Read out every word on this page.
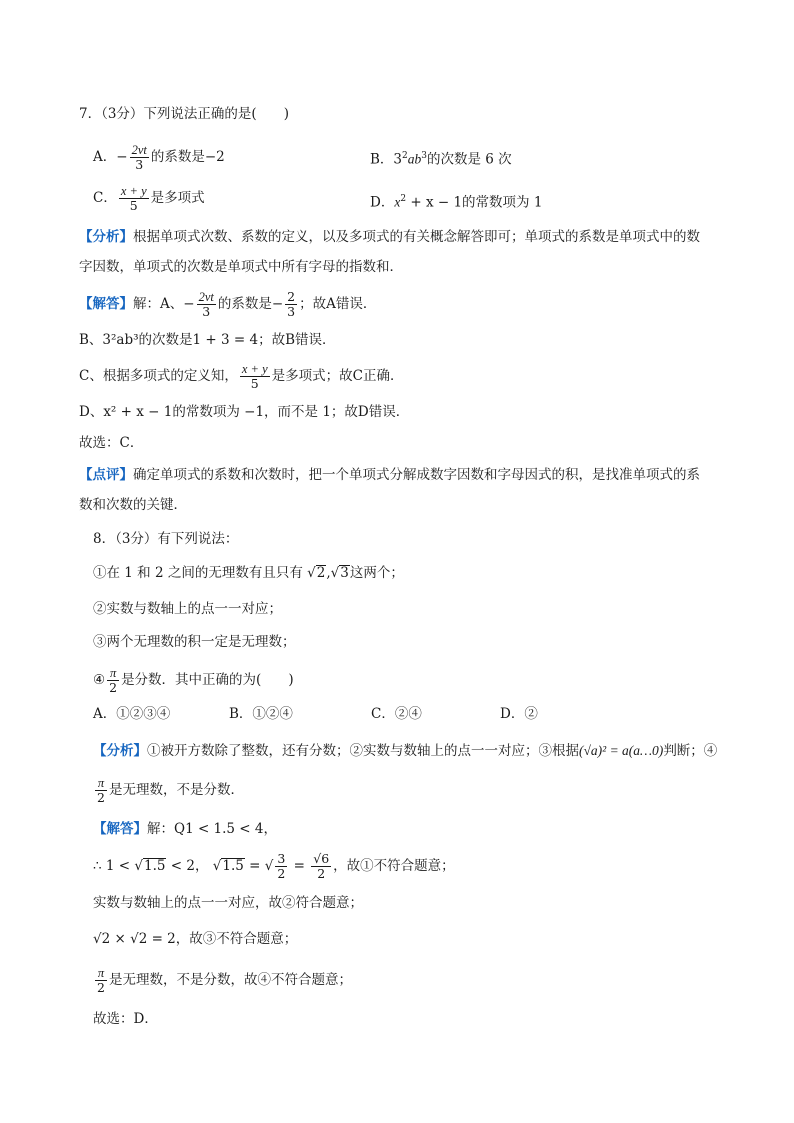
7．（3分）下列说法正确的是(　　)
A．− $\frac{2vt}{3}$ 的系数是−2	B．$3^2ab^3$的次数是 6 次
C． $\frac{x + y}{5}$ 是多项式	D．$x^2 + x - 1$的常数项为 1
【分析】根据单项式次数、系数的定义，以及多项式的有关概念解答即可；单项式的系数是单项式中的数
字因数，单项式的次数是单项式中所有字母的指数和．
【解答】解：A、− $\frac{2vt}{3}$ 的系数是− $\frac{2}{3}$ ；故A错误．
B、3²ab³的次数是1 + 3 = 4；故B错误．
C、根据多项式的定义知， $\frac{x + y}{5}$ 是多项式；故C正确．
D、x² + x − 1的常数项为 −1，而不是 1；故D错误．
故选：C．
【点评】确定单项式的系数和次数时，把一个单项式分解成数字因数和字母因式的积，是找准单项式的系
数和次数的关键．
8．（3分）有下列说法：
①在 1 和 2 之间的无理数有且只有 √2,√3这两个；
②实数与数轴上的点一一对应；
③两个无理数的积一定是无理数；
④ $\frac{\pi}{2}$ 是分数．其中正确的为(　　)
A．①②③④	B．①②④	C．②④	D．②
【分析】①被开方数除了整数，还有分数；②实数与数轴上的点一一对应；③根据(√a)² = a(a…0)判断；④
$\frac{\pi}{2}$ 是无理数，不是分数．
【解答】解：Q1 < 1.5 < 4，
∴ 1 < √1.5 < 2， √1.5 = √ $\frac{3}{2} = \frac{√6}{2}$ ，故①不符合题意；
实数与数轴上的点一一对应，故②符合题意；
√2 × √2 = 2，故③不符合题意；
$\frac{\pi}{2}$ 是无理数，不是分数，故④不符合题意；
故选：D．
